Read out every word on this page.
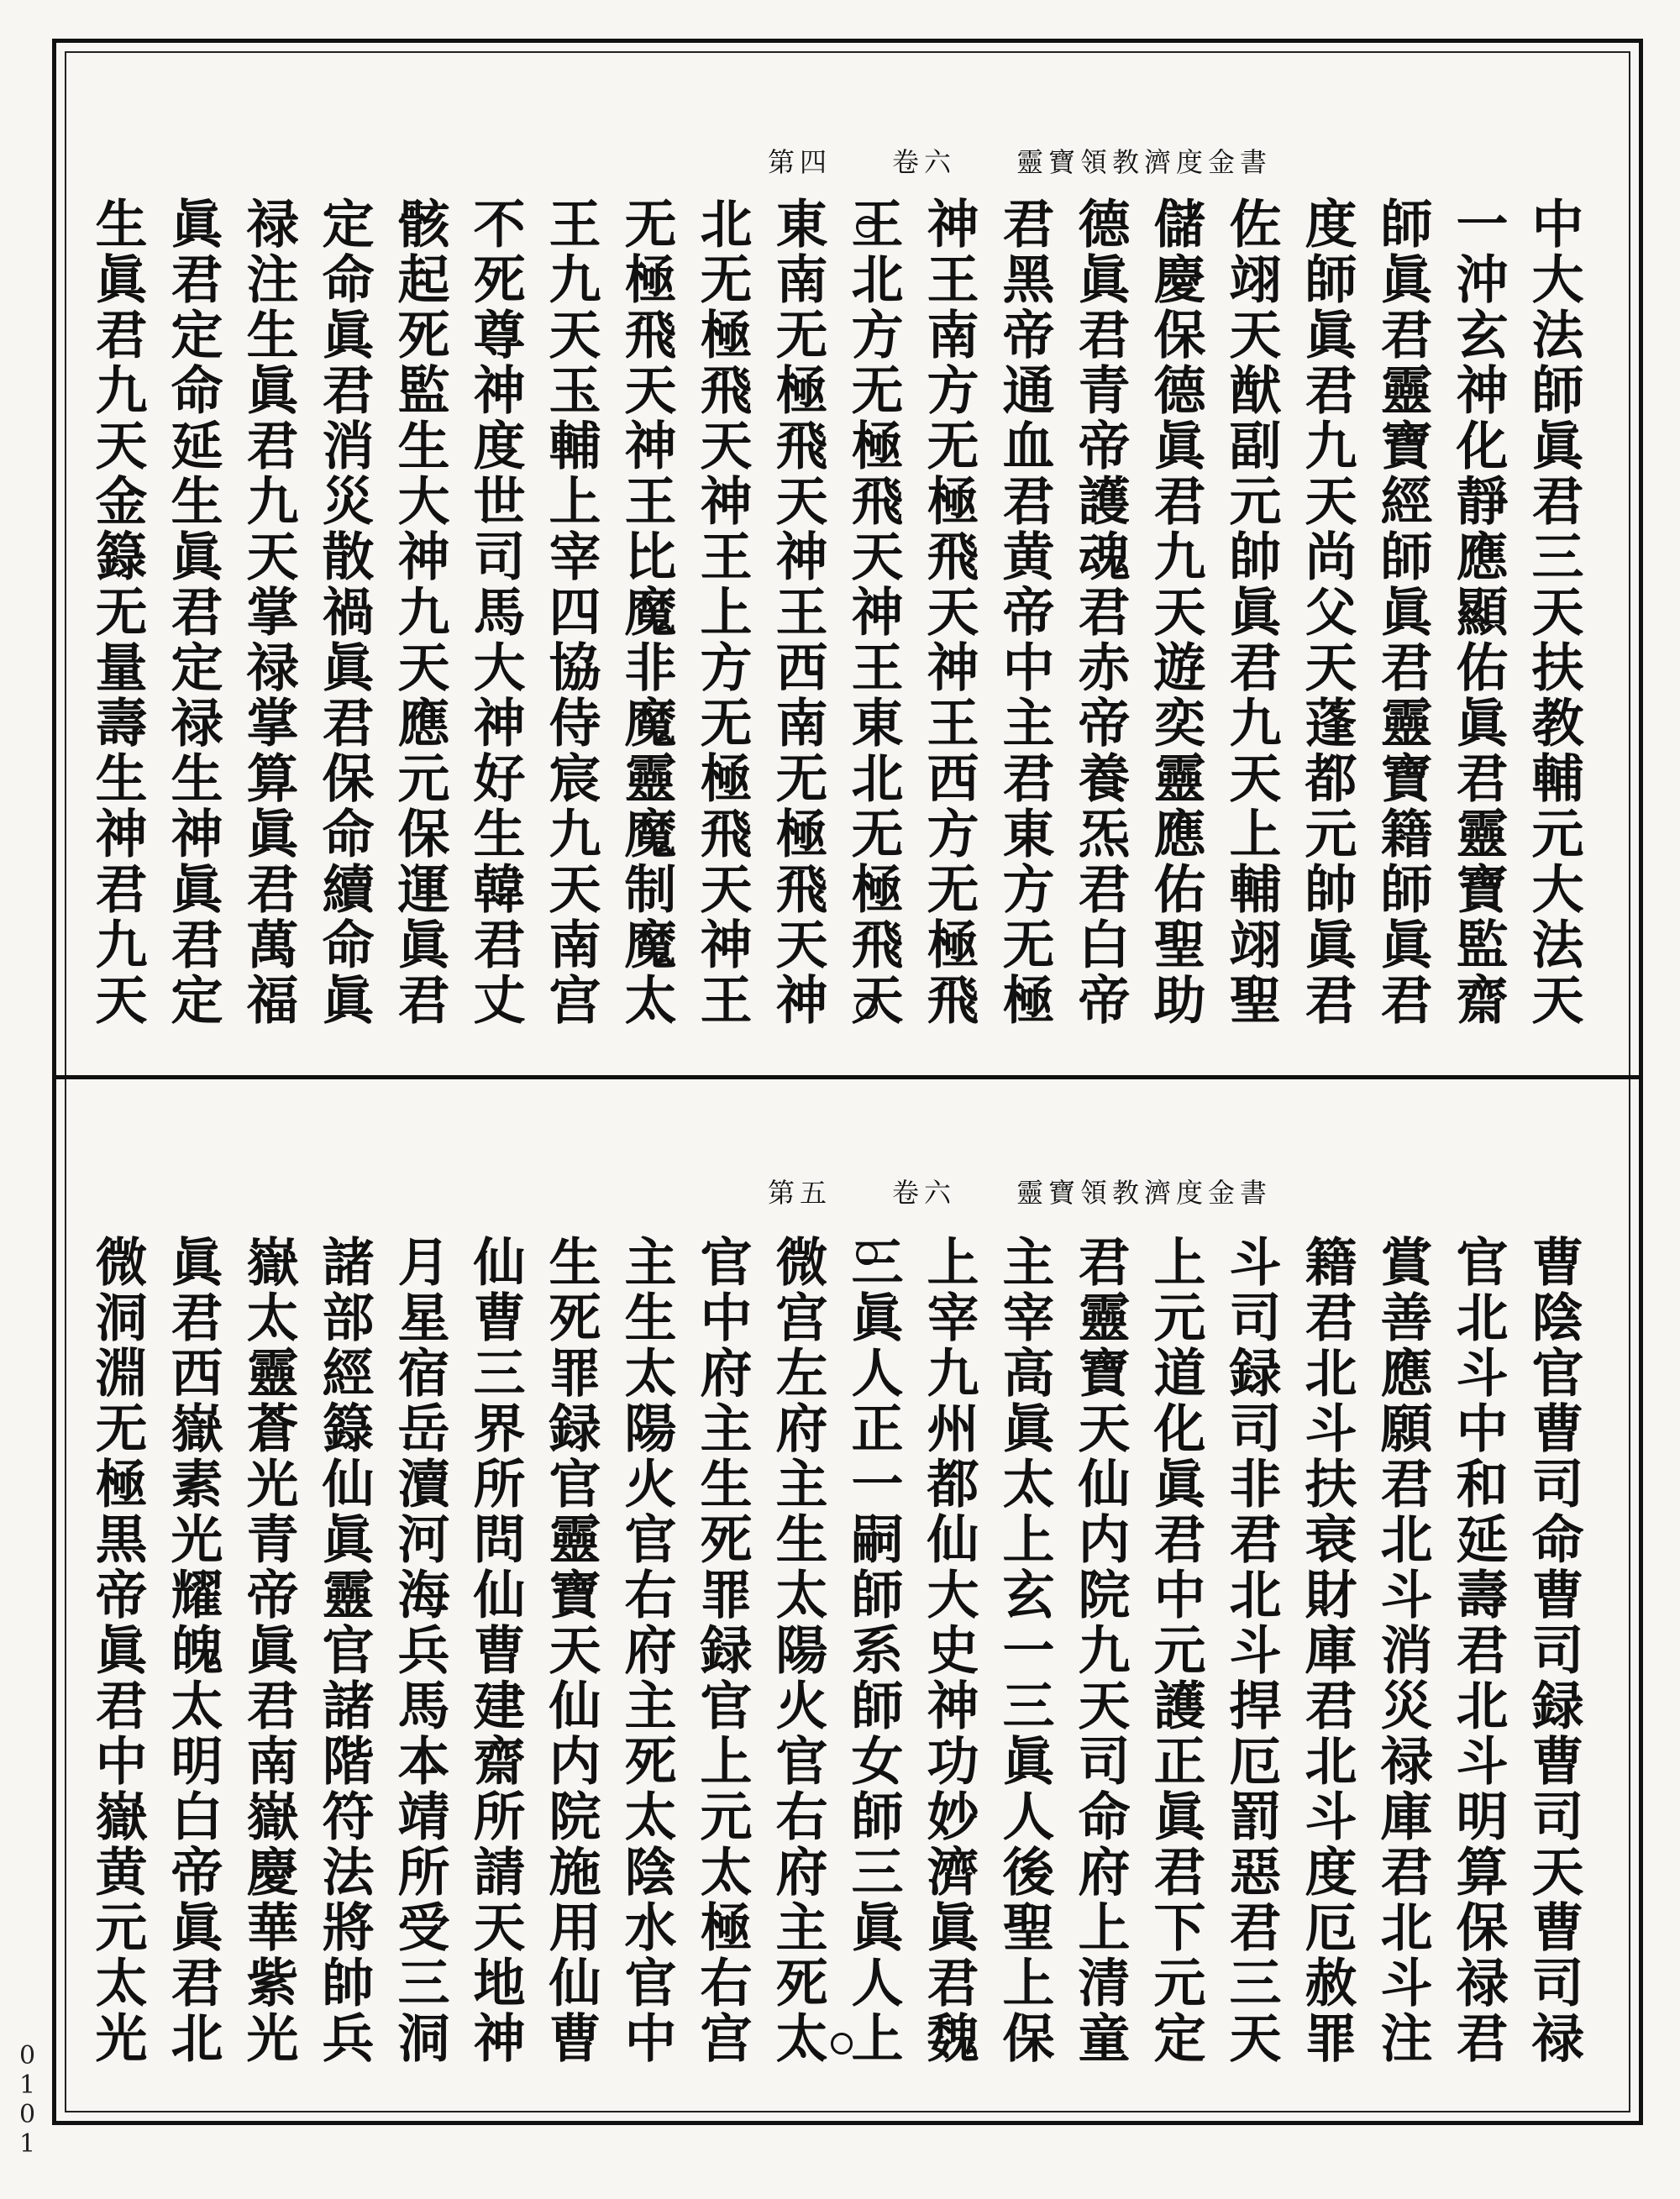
靈寶領教濟度金書
卷六
第四
中大法師眞君三天扶教輔元大法天
一沖玄神化靜應顯佑眞君靈寶監齋
師眞君靈寶經師眞君靈寶籍師眞君
度師眞君九天尚父天蓬都元帥眞君
佐翊天猷副元帥眞君九天上輔翊聖
儲慶保德眞君九天遊奕靈應佑聖助
德眞君青帝護魂君赤帝養炁君白帝
君黑帝通血君黄帝中主君東方无極
神王南方无極飛天神王西方无極飛
王北方无極飛天神王東北无極飛天
東南无極飛天神王西南无極飛天神
北无極飛天神王上方无極飛天神王
无極飛天神王比魔非魔靈魔制魔太
王九天玉輔上宰四協侍宸九天南宫
不死尊神度世司馬大神好生韓君丈
骸起死監生大神九天應元保運眞君
定命眞君消災散禍眞君保命續命眞
禄注生眞君九天掌禄掌算眞君萬福
眞君定命延生眞君定禄生神眞君定
生眞君九天金籙无量壽生神君九天
靈寶領教濟度金書
卷六
第五
曹陰官曹司命曹司録曹司天曹司禄
官北斗中和延壽君北斗明算保禄君
賞善應願君北斗消災禄庫君北斗注
籍君北斗扶衰財庫君北斗度厄赦罪
斗司録司非君北斗捍厄罰惡君三天
上元道化眞君中元護正眞君下元定
君靈寶天仙内院九天司命府上清童
主宰高眞太上玄一三眞人後聖上保
上宰九州都仙大史神功妙濟眞君魏
三眞人正一嗣師系師女師三眞人上
微宫左府主生太陽火官右府主死太
官中府主生死罪録官上元太極右宫
主生太陽火官右府主死太陰水官中
生死罪録官靈寶天仙内院施用仙曹
仙曹三界所問仙曹建齋所請天地神
月星宿岳瀆河海兵馬本靖所受三洞
諸部經籙仙眞靈官諸階符法將帥兵
嶽太靈蒼光青帝眞君南嶽慶華紫光
眞君西嶽素光耀魄太明白帝眞君北
微洞淵无極黒帝眞君中嶽黄元太光
0101
